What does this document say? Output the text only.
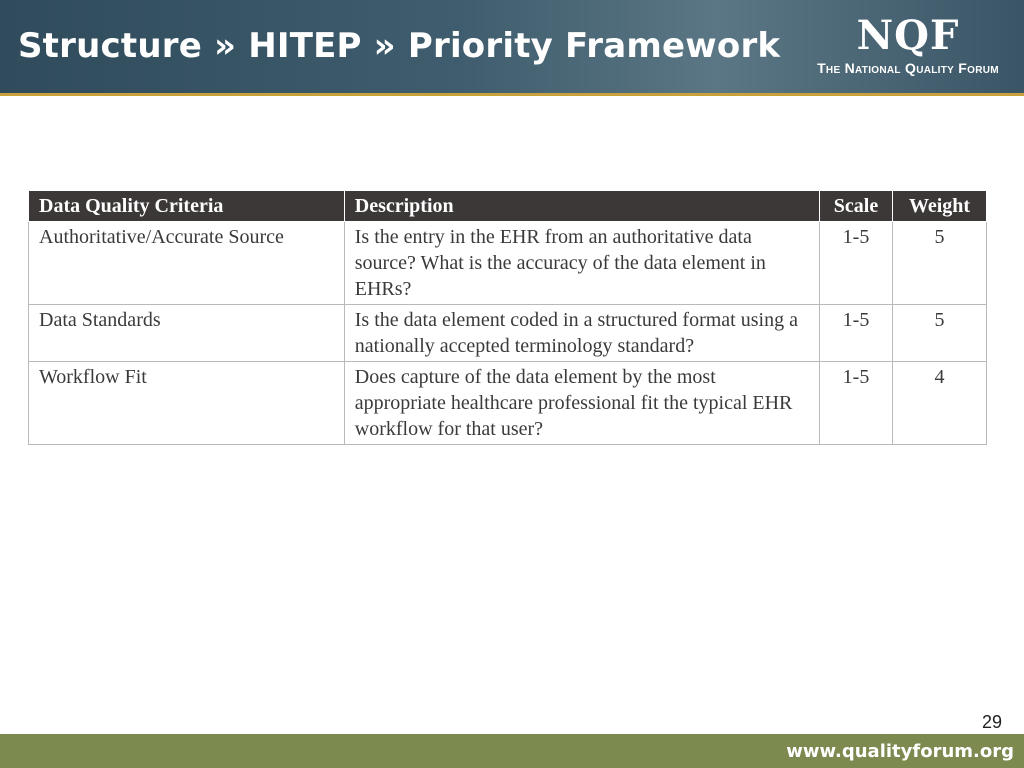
Structure » HITEP » Priority Framework	NQF
The National Quality Forum
Data Quality Criteria	Description	Scale	Weight
Authoritative/Accurate Source	Is the entry in the EHR from an authoritative data source? What is the accuracy of the data element in EHRs?	1-5	5
Data Standards	Is the data element coded in a structured format using a nationally accepted terminology standard?	1-5	5
Workflow Fit	Does capture of the data element by the most appropriate healthcare professional fit the typical EHR workflow for that user?	1-5	4
29
www.qualityforum.org
